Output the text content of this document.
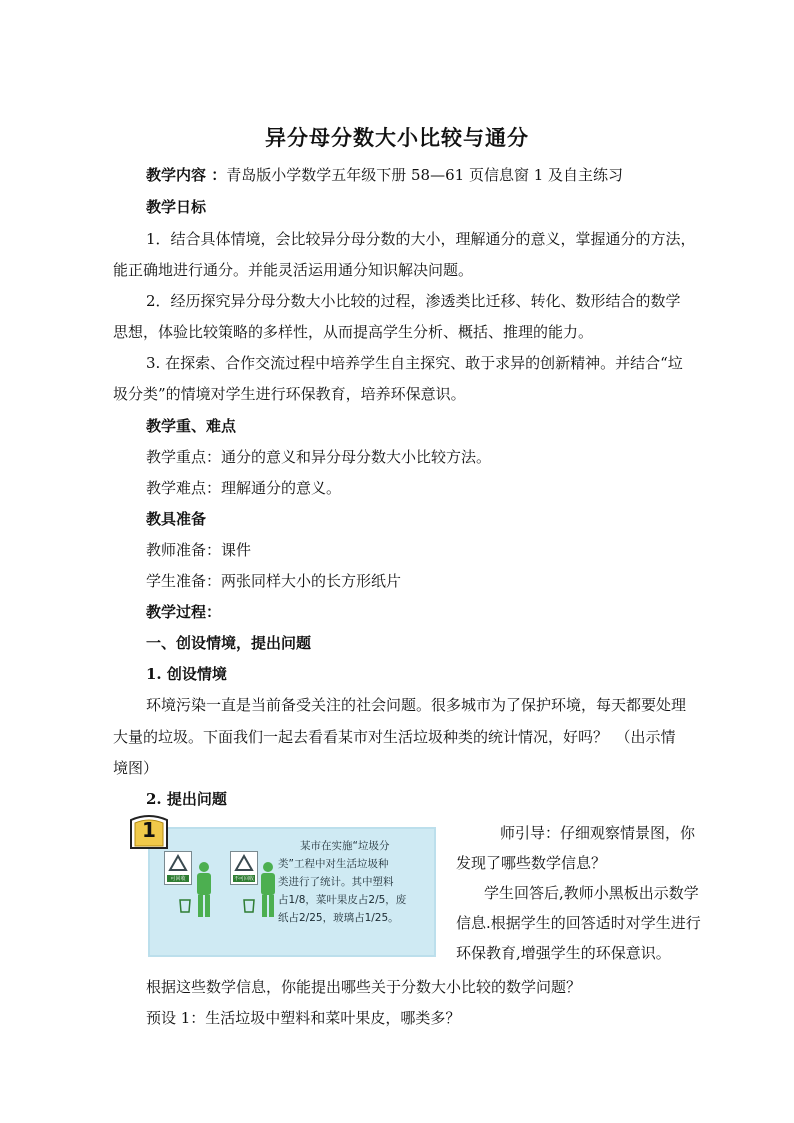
异分母分数大小比较与通分
教学内容 ：青岛版小学数学五年级下册 58—61 页信息窗 1 及自主练习
教学日标
1．结合具体情境，会比较异分母分数的大小，理解通分的意义，掌握通分的方法，
能正确地进行通分。并能灵活运用通分知识解决问题。
2．经历探究异分母分数大小比较的过程，渗透类比迁移、转化、数形结合的数学
思想，体验比较策略的多样性，从而提高学生分析、概括、推理的能力。
3. 在探索、合作交流过程中培养学生自主探究、敢于求异的创新精神。并结合“垃
圾分类”的情境对学生进行环保教育，培养环保意识。
教学重、难点
教学重点：通分的意义和异分母分数大小比较方法。
教学难点：理解通分的意义。
教具准备
教师准备：课件
学生准备：两张同样大小的长方形纸片
教学过程：
一、创设情境，提出问题
1. 创设情境
环境污染一直是当前备受关注的社会问题。很多城市为了保护环境，每天都要处理
大量的垃圾。下面我们一起去看看某市对生活垃圾种类的统计情况，好吗？　（出示情
境图）
2. 提出问题
可回收	不可回收
某市在实施“垃圾分
类”工程中对生活垃圾种
类进行了统计。其中塑料
占1/8，菜叶果皮占2/5，废
纸占2/25，玻璃占1/25。
1	师引导：仔细观察情景图，你
发现了哪些数学信息？
学生回答后,教师小黑板出示数学
信息.根据学生的回答适时对学生进行
环保教育,增强学生的环保意识。
根据这些数学信息，你能提出哪些关于分数大小比较的数学问题？
预设 1：生活垃圾中塑料和菜叶果皮，哪类多？
